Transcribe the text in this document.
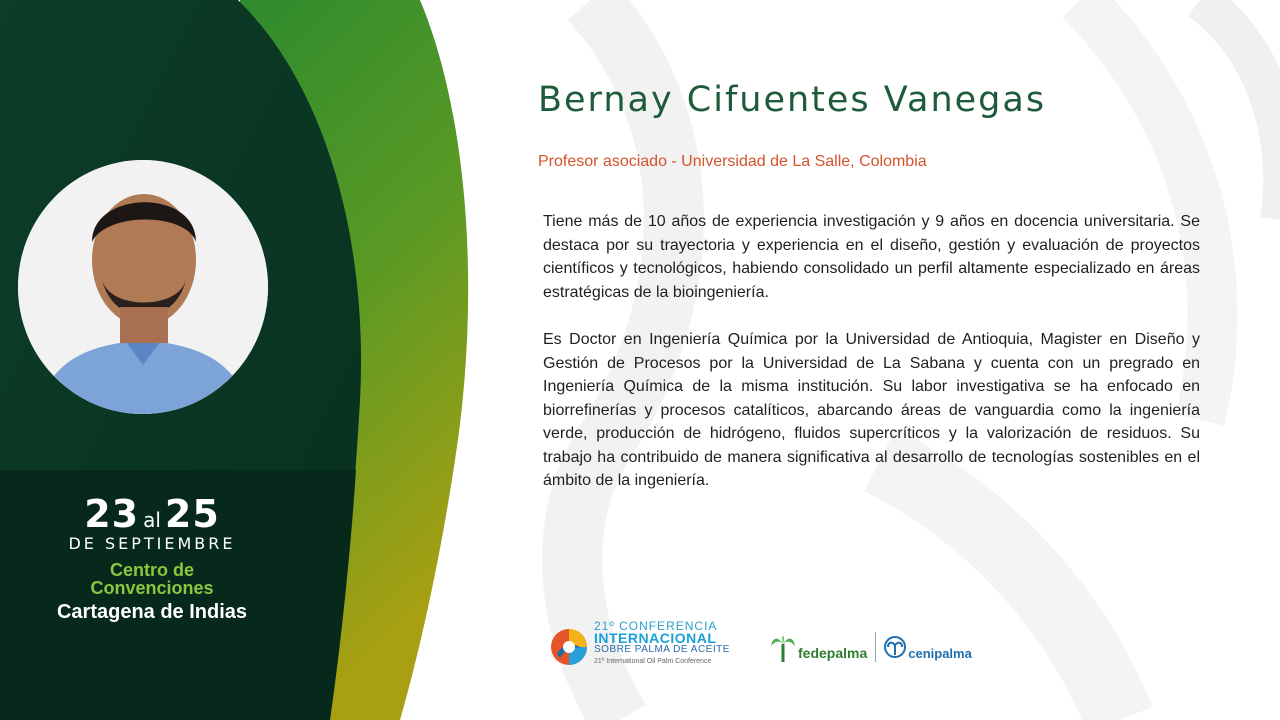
23 al 25
DE SEPTIEMBRE
Centro de
Convenciones
Cartagena de Indias
Bernay Cifuentes Vanegas
Profesor asociado - Universidad de La Salle, Colombia

Tiene más de 10 años de experiencia investigación y 9 años en docencia universitaria. Se destaca por su trayectoria y experiencia en el diseño, gestión y evaluación de proyectos científicos y tecnológicos, habiendo consolidado un perfil altamente especializado en áreas estratégicas de la bioingeniería.

Es Doctor en Ingeniería Química por la Universidad de Antioquia, Magister en Diseño y Gestión de Procesos por la Universidad de La Sabana y cuenta con un pregrado en Ingeniería Química de la misma institución. Su labor investigativa se ha enfocado en biorrefinerías y procesos catalíticos, abarcando áreas de vanguardia como la ingeniería verde, producción de hidrógeno, fluidos supercríticos y la valorización de residuos. Su trabajo ha contribuido de manera significativa al desarrollo de tecnologías sostenibles en el ámbito de la ingeniería.

21º CONFERENCIA
INTERNACIONAL
SOBRE PALMA DE ACEITE
21º International Oil Palm Conference
fedepalma	cenipalma
